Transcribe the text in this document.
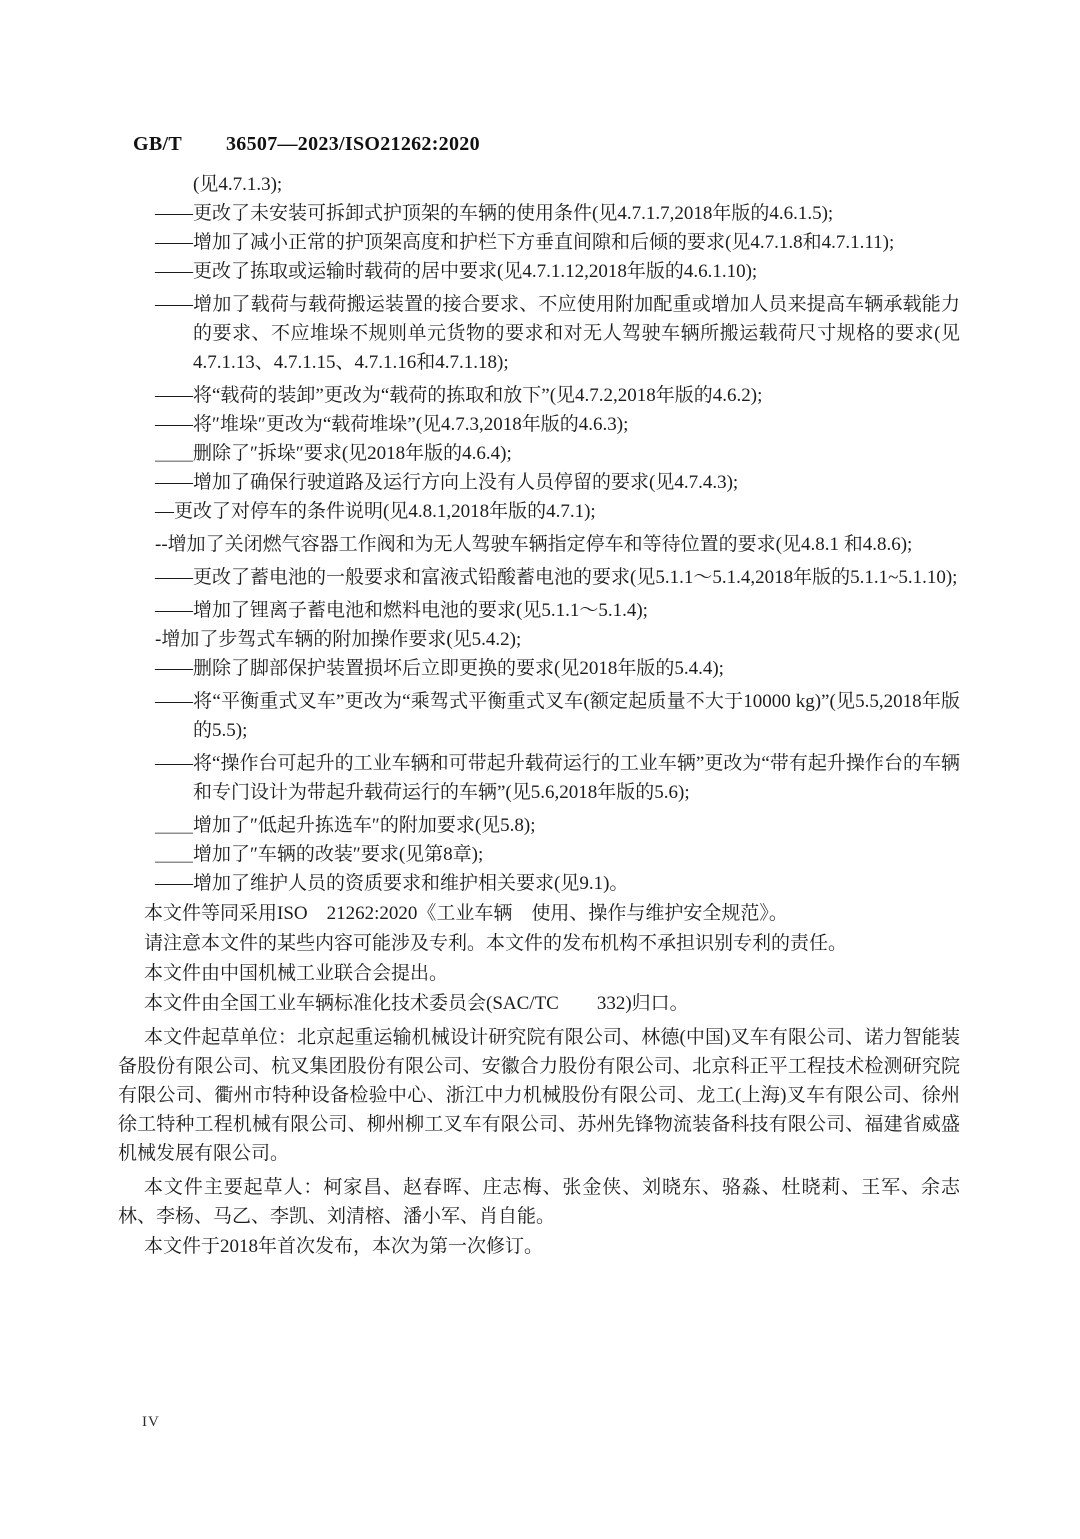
GB/T 36507—2023/ISO21262:2020
(见4.7.1.3);
——更改了未安装可拆卸式护顶架的车辆的使用条件(见4.7.1.7,2018年版的4.6.1.5);
——增加了减小正常的护顶架高度和护栏下方垂直间隙和后倾的要求(见4.7.1.8和4.7.1.11);
——更改了拣取或运输时载荷的居中要求(见4.7.1.12,2018年版的4.6.1.10);
——增加了载荷与载荷搬运装置的接合要求、不应使用附加配重或增加人员来提高车辆承载能力的要求、不应堆垛不规则单元货物的要求和对无人驾驶车辆所搬运载荷尺寸规格的要求(见4.7.1.13、4.7.1.15、4.7.1.16和4.7.1.18);
——将“载荷的装卸”更改为“载荷的拣取和放下”(见4.7.2,2018年版的4.6.2);
——将″堆垛″更改为“载荷堆垛”(见4.7.3,2018年版的4.6.3);
＿＿删除了″拆垛″要求(见2018年版的4.6.4);
——增加了确保行驶道路及运行方向上没有人员停留的要求(见4.7.4.3);
—更改了对停车的条件说明(见4.8.1,2018年版的4.7.1);
--增加了关闭燃气容器工作阀和为无人驾驶车辆指定停车和等待位置的要求(见4.8.1 和4.8.6);
——更改了蓄电池的一般要求和富液式铅酸蓄电池的要求(见5.1.1～5.1.4,2018年版的5.1.1~5.1.10);
——增加了锂离子蓄电池和燃料电池的要求(见5.1.1～5.1.4);
-增加了步驾式车辆的附加操作要求(见5.4.2);
——删除了脚部保护装置损坏后立即更换的要求(见2018年版的5.4.4);
——将“平衡重式叉车”更改为“乘驾式平衡重式叉车(额定起质量不大于10000 kg)”(见5.5,2018年版的5.5);
——将“操作台可起升的工业车辆和可带起升载荷运行的工业车辆”更改为“带有起升操作台的车辆和专门设计为带起升载荷运行的车辆”(见5.6,2018年版的5.6);
＿＿增加了″低起升拣选车″的附加要求(见5.8);
＿＿增加了″车辆的改装″要求(见第8章);
——增加了维护人员的资质要求和维护相关要求(见9.1)。
本文件等同采用ISO　21262:2020《工业车辆　使用、操作与维护安全规范》。
请注意本文件的某些内容可能涉及专利。本文件的发布机构不承担识别专利的责任。
本文件由中国机械工业联合会提出。
本文件由全国工业车辆标准化技术委员会(SAC/TC　　332)归口。
本文件起草单位：北京起重运输机械设计研究院有限公司、林德(中国)叉车有限公司、诺力智能装备股份有限公司、杭叉集团股份有限公司、安徽合力股份有限公司、北京科正平工程技术检测研究院有限公司、衢州市特种设备检验中心、浙江中力机械股份有限公司、龙工(上海)叉车有限公司、徐州徐工特种工程机械有限公司、柳州柳工叉车有限公司、苏州先锋物流装备科技有限公司、福建省威盛机械发展有限公司。
本文件主要起草人：柯家昌、赵春晖、庄志梅、张金侠、刘晓东、骆淼、杜晓莉、王军、余志林、李杨、马乙、李凯、刘清榕、潘小军、肖自能。
本文件于2018年首次发布，本次为第一次修订。
IV
